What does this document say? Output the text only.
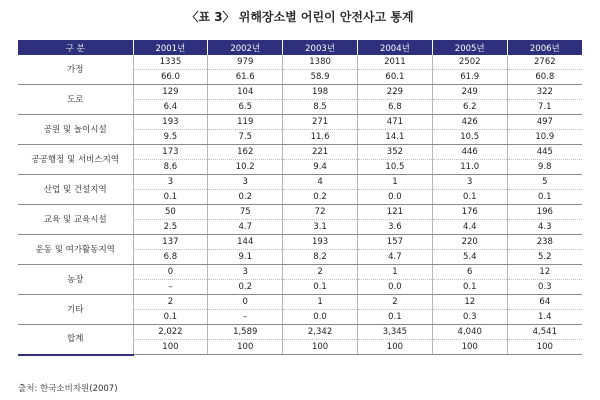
〈표 3〉 위해장소별 어린이 안전사고 통계
구 분	2001년	2002년	2003년	2004년	2005년	2006년
가정	1335	979	1380	2011	2502	2762
	66.0	61.6	58.9	60.1	61.9	60.8
도로	129	104	198	229	249	322
	6.4	6.5	8.5	6.8	6.2	7.1
공원 및 놀이시설	193	119	271	471	426	497
	9.5	7.5	11.6	14.1	10.5	10.9
공공행정 및 서비스지역	173	162	221	352	446	445
	8.6	10.2	9.4	10.5	11.0	9.8
산업 및 건설지역	3	3	4	1	3	5
	0.1	0.2	0.2	0.0	0.1	0.1
교육 및 교육시설	50	75	72	121	176	196
	2.5	4.7	3.1	3.6	4.4	4.3
운동 및 여가활동지역	137	144	193	157	220	238
	6.8	9.1	8.2	4.7	5.4	5.2
농장	0	3	2	1	6	12
	–	0.2	0.1	0.0	0.1	0.3
기타	2	0	1	2	12	64
	0.1	–	0.0	0.1	0.3	1.4
합계	2,022	1,589	2,342	3,345	4,040	4,541
	100	100	100	100	100	100
출처: 한국소비자원(2007)
